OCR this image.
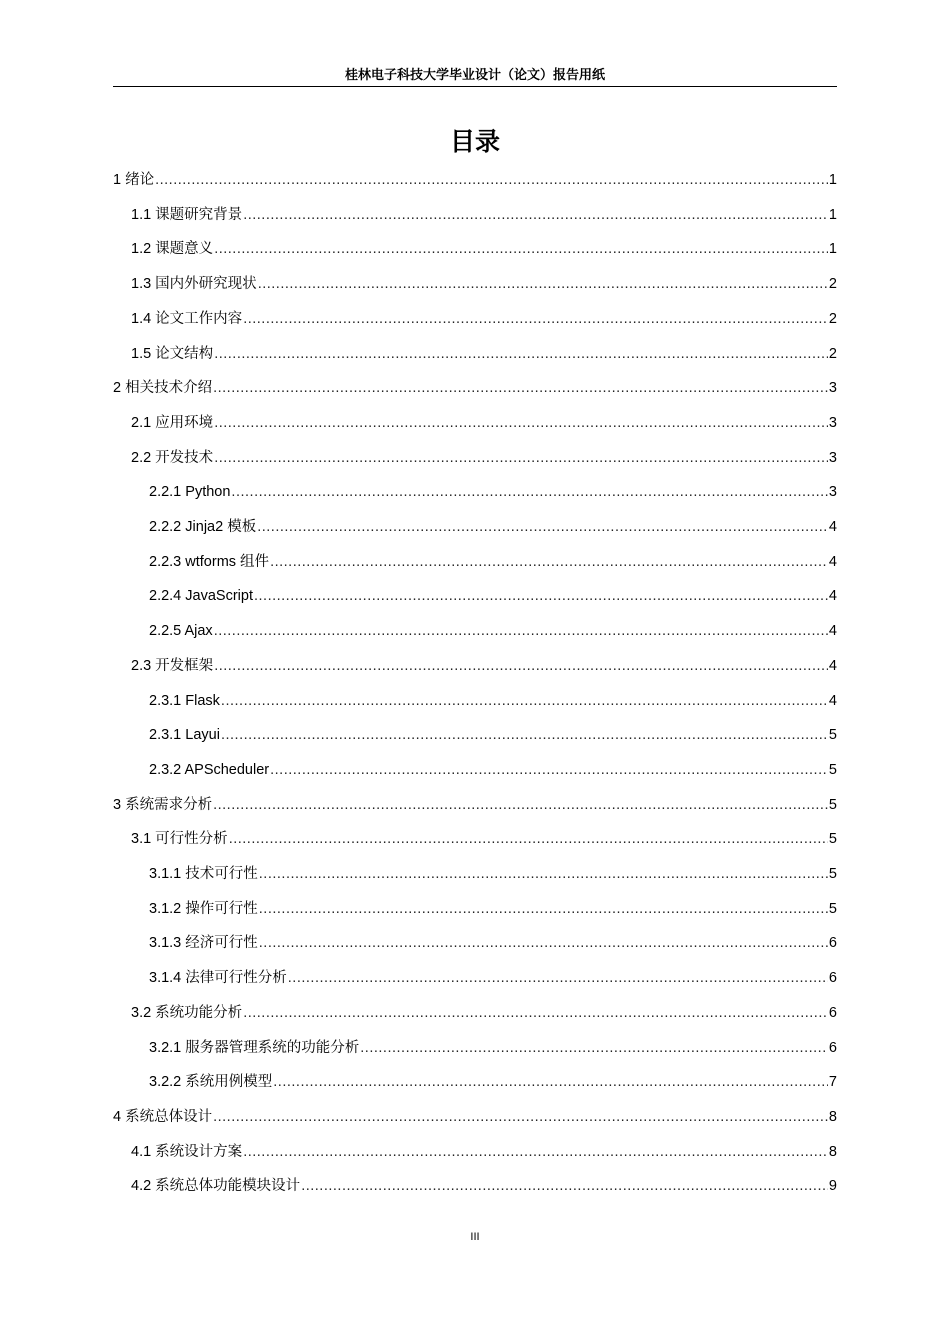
桂林电子科技大学毕业设计（论文）报告用纸
目录
1 绪论 .....	1
1.1 课题研究背景 .....	1
1.2 课题意义 .....	1
1.3 国内外研究现状 .....	2
1.4 论文工作内容 .....	2
1.5 论文结构 .....	2
2 相关技术介绍 .....	3
2.1 应用环境 .....	3
2.2 开发技术 .....	3
2.2.1 Python .....	3
2.2.2 Jinja2 模板 .....	4
2.2.3 wtforms 组件 .....	4
2.2.4 JavaScript .....	4
2.2.5 Ajax .....	4
2.3 开发框架 .....	4
2.3.1 Flask .....	4
2.3.1 Layui .....	5
2.3.2 APScheduler .....	5
3 系统需求分析 .....	5
3.1 可行性分析 .....	5
3.1.1 技术可行性 .....	5
3.1.2 操作可行性 .....	5
3.1.3 经济可行性 .....	6
3.1.4 法律可行性分析 .....	6
3.2 系统功能分析 .....	6
3.2.1 服务器管理系统的功能分析 .....	6
3.2.2 系统用例模型 .....	7
4 系统总体设计 .....	8
4.1 系统设计方案 .....	8
4.2 系统总体功能模块设计 .....	9
III
